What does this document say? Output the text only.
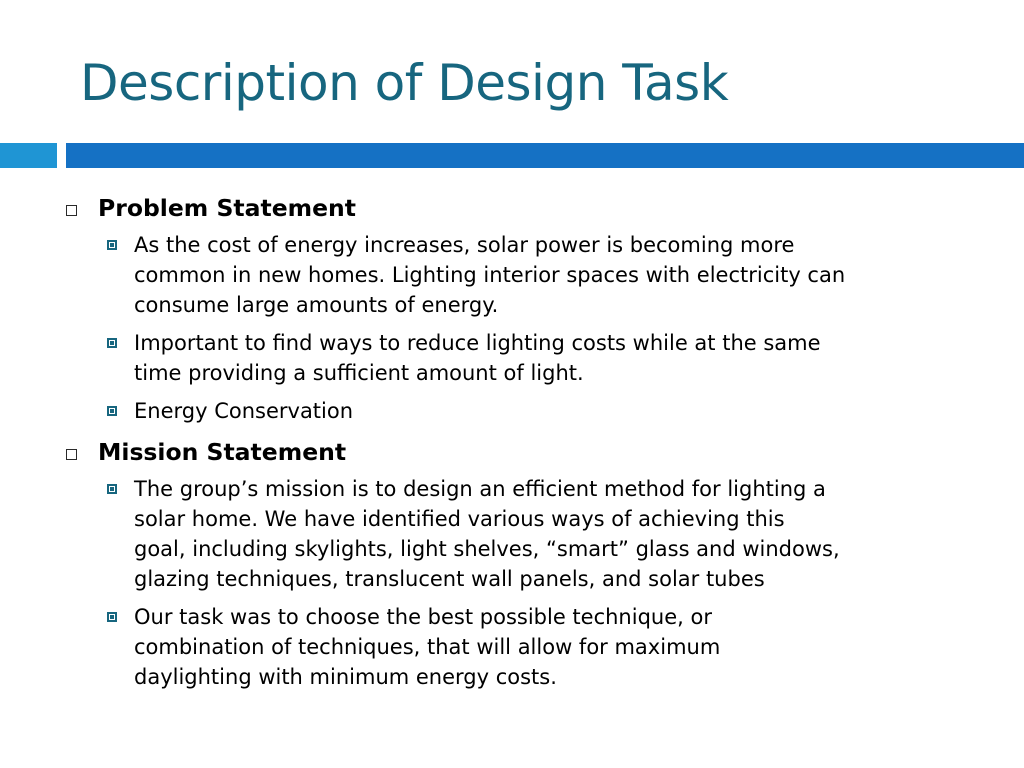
Description of Design Task
Problem Statement
As the cost of energy increases, solar power is becoming more
common in new homes. Lighting interior spaces with electricity can
consume large amounts of energy.
Important to find ways to reduce lighting costs while at the same
time providing a sufficient amount of light.
Energy Conservation
Mission Statement
The group’s mission is to design an efficient method for lighting a
solar home. We have identified various ways of achieving this
goal, including skylights, light shelves, “smart” glass and windows,
glazing techniques, translucent wall panels, and solar tubes
Our task was to choose the best possible technique, or
combination of techniques, that will allow for maximum
daylighting with minimum energy costs.
